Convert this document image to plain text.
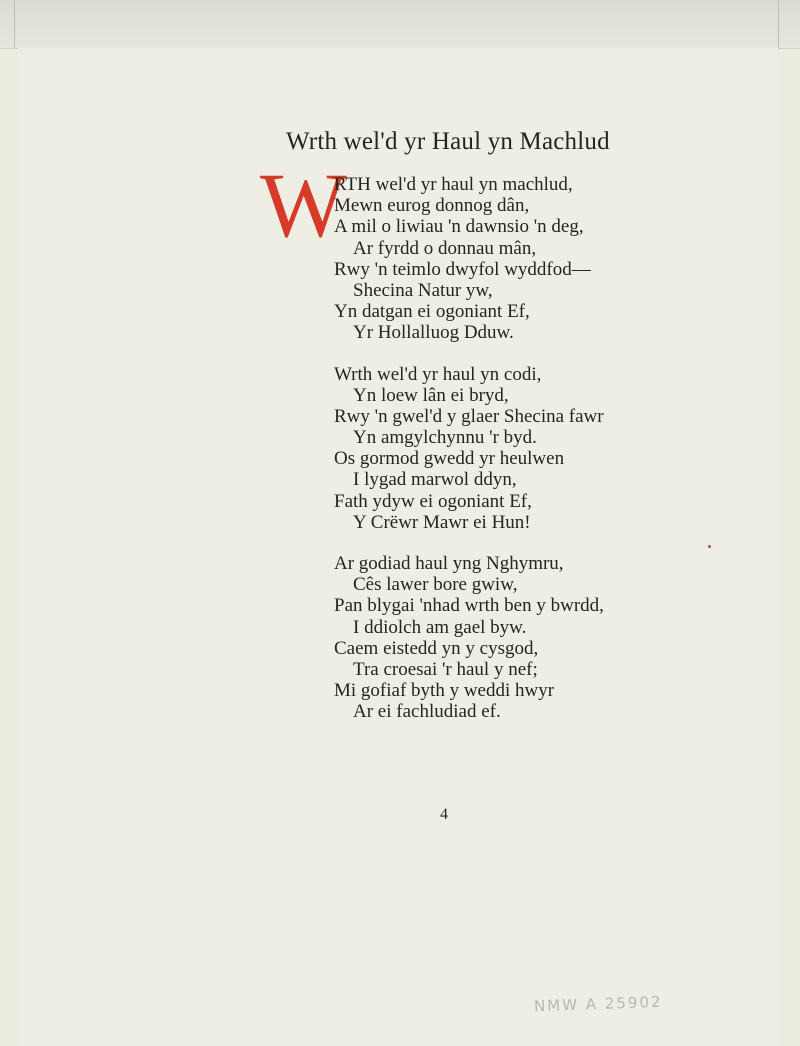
Wrth wel'd yr Haul yn Machlud
W
RTH wel'd yr haul yn machlud,
Mewn eurog donnog dân,
A mil o liwiau 'n dawnsio 'n deg,
Ar fyrdd o donnau mân,
Rwy 'n teimlo dwyfol wyddfod—
Shecina Natur yw,
Yn datgan ei ogoniant Ef,
Yr Hollalluog Dduw.
Wrth wel'd yr haul yn codi,
Yn loew lân ei bryd,
Rwy 'n gwel'd y glaer Shecina fawr
Yn amgylchynnu 'r byd.
Os gormod gwedd yr heulwen
I lygad marwol ddyn,
Fath ydyw ei ogoniant Ef,
Y Crëwr Mawr ei Hun!
Ar godiad haul yng Nghymru,
Cês lawer bore gwiw,
Pan blygai 'nhad wrth ben y bwrdd,
I ddiolch am gael byw.
Caem eistedd yn y cysgod,
Tra croesai 'r haul y nef;
Mi gofiaf byth y weddi hwyr
Ar ei fachludiad ef.
4
NMW A 25902
